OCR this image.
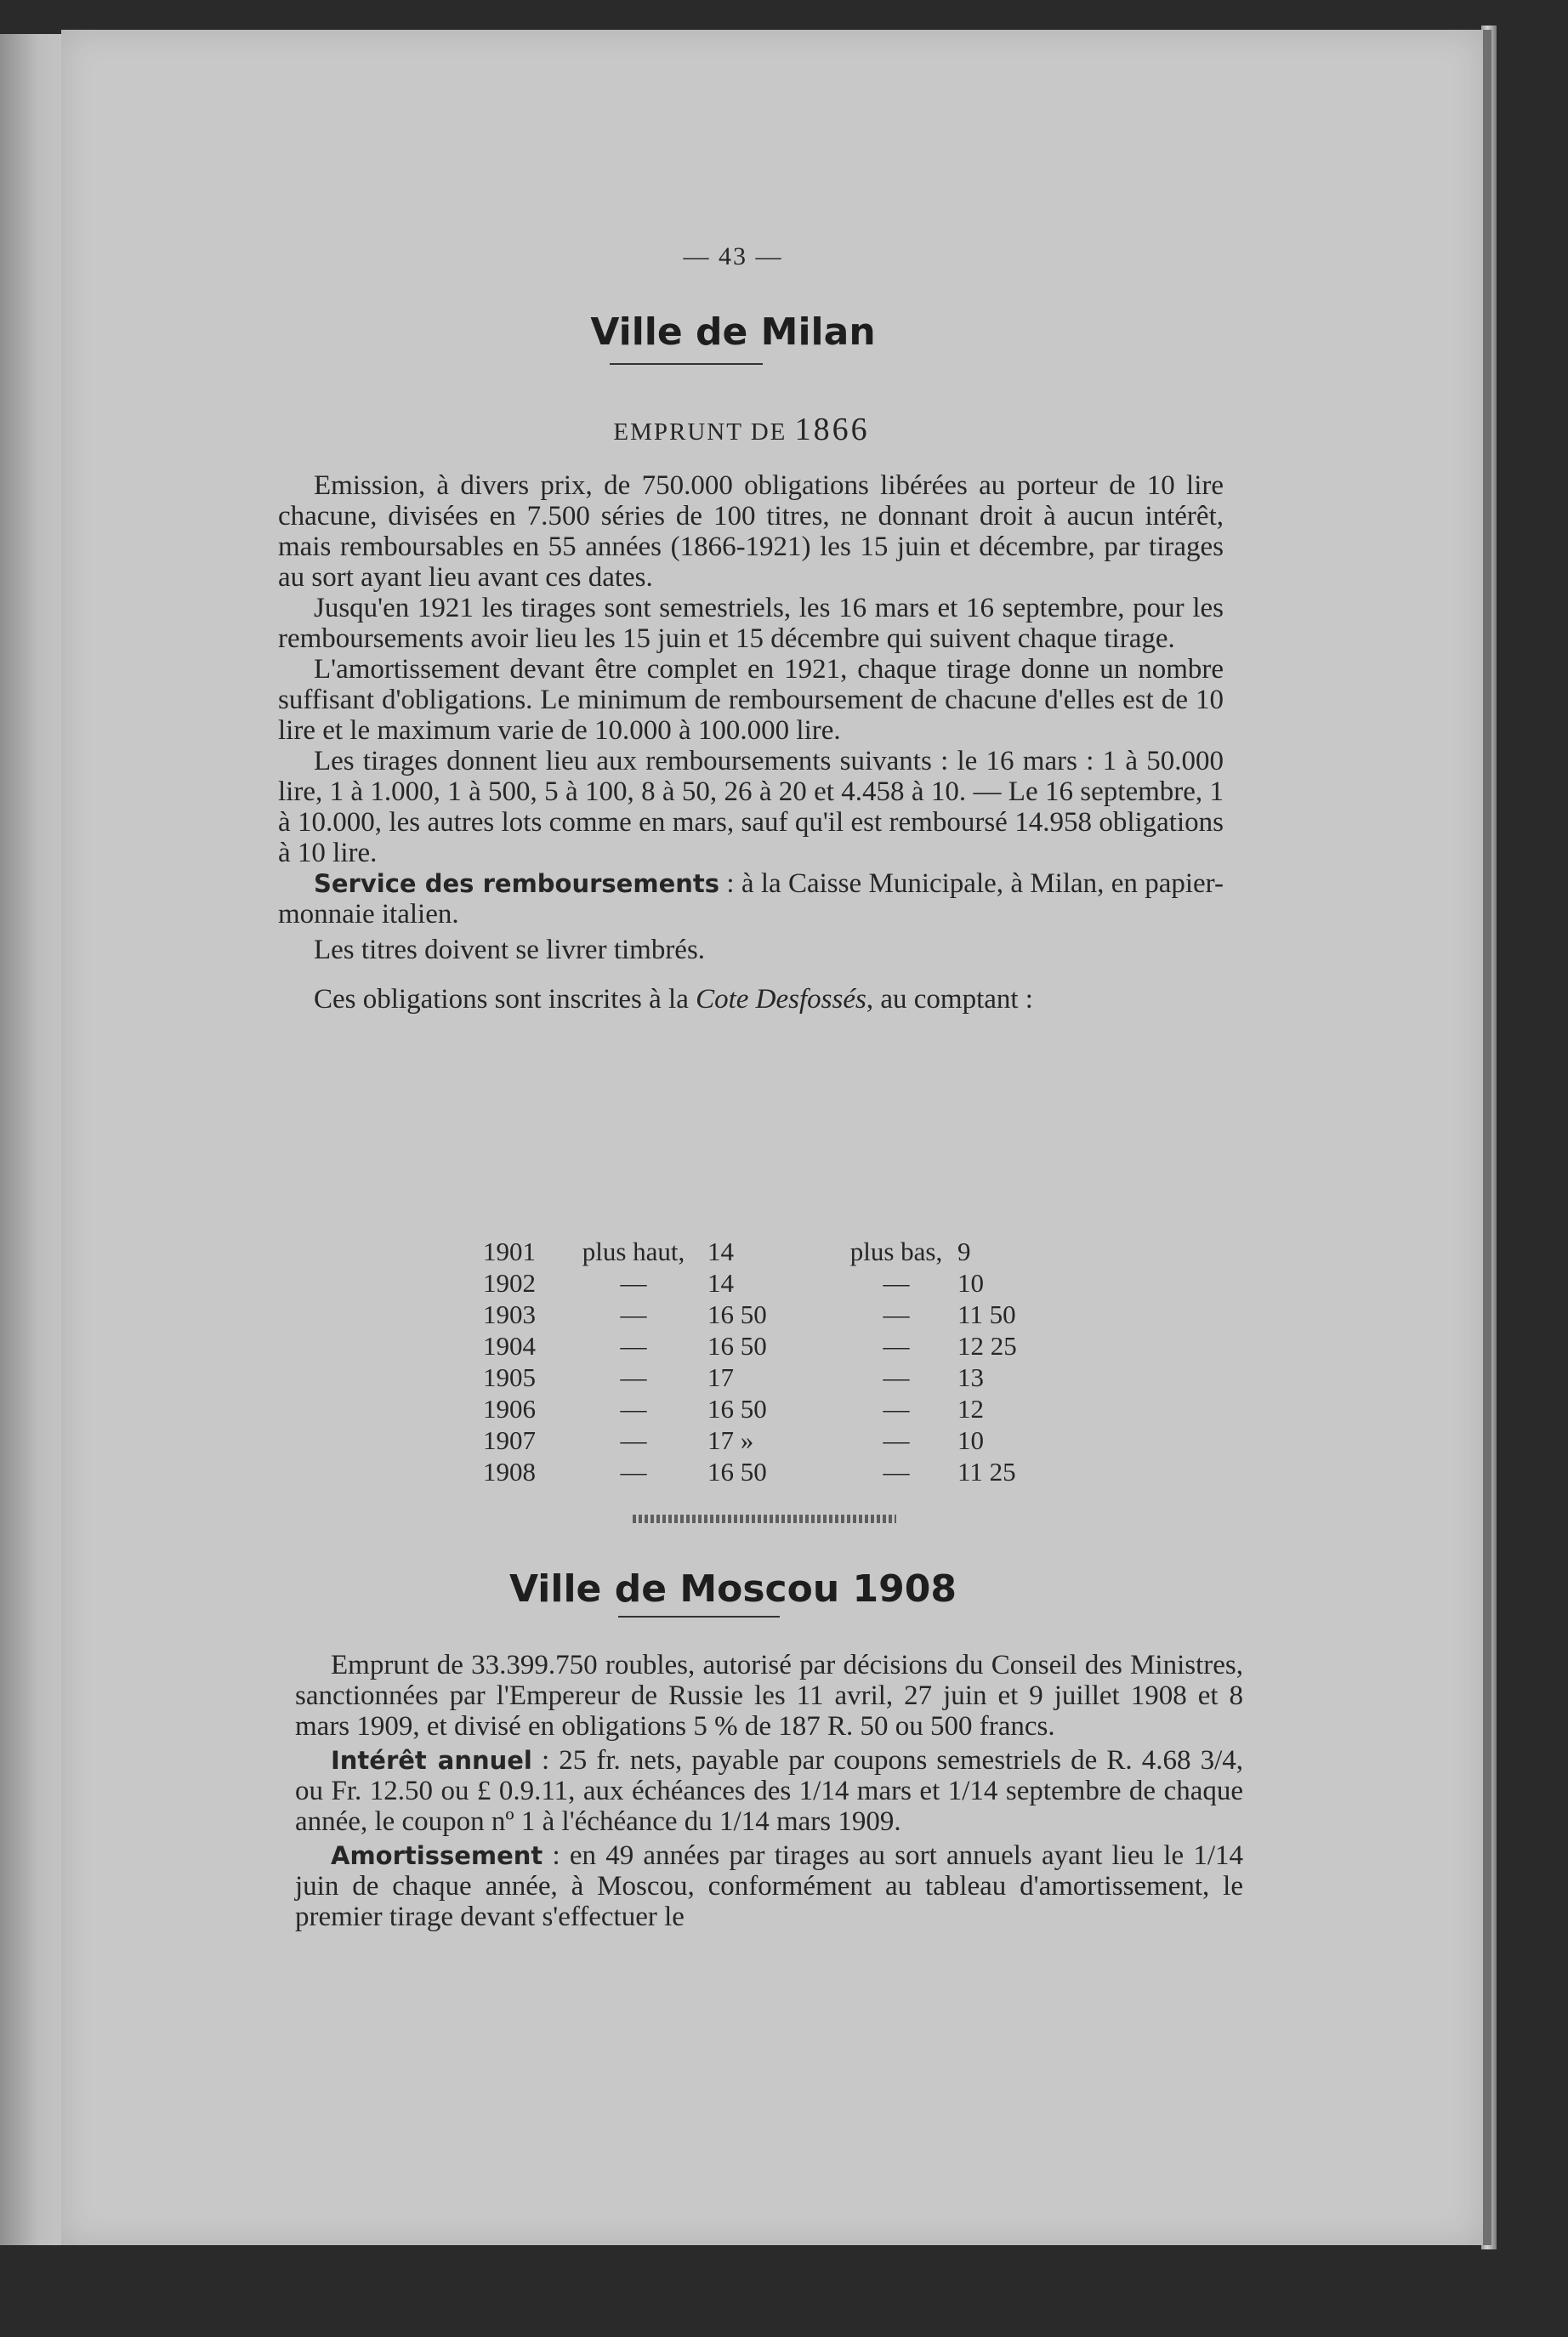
— 43 —
Ville de Milan
EMPRUNT DE 1866

Emission, à divers prix, de 750.000 obligations libérées au porteur de 10 lire chacune, divisées en 7.500 séries de 100 titres, ne donnant droit à aucun intérêt, mais remboursables en 55 années (1866-1921) les 15 juin et décembre, par tirages au sort ayant lieu avant ces dates.

Jusqu'en 1921 les tirages sont semestriels, les 16 mars et 16 septembre, pour les remboursements avoir lieu les 15 juin et 15 décembre qui suivent chaque tirage.

L'amortissement devant être complet en 1921, chaque tirage donne un nombre suffisant d'obligations. Le minimum de remboursement de chacune d'elles est de 10 lire et le maximum varie de 10.000 à 100.000 lire.

Les tirages donnent lieu aux remboursements suivants : le 16 mars : 1 à 50.000 lire, 1 à 1.000, 1 à 500, 5 à 100, 8 à 50, 26 à 20 et 4.458 à 10. — Le 16 septembre, 1 à 10.000, les autres lots comme en mars, sauf qu'il est remboursé 14.958 obligations à 10 lire.

Service des remboursements : à la Caisse Municipale, à Milan, en papier-monnaie italien.

Les titres doivent se livrer timbrés.

Ces obligations sont inscrites à la Cote Desfossés, au comptant :

1901	plus haut,	14	plus bas,	9
1902	—	14	—	10
1903	—	16 50	—	11 50
1904	—	16 50	—	12 25
1905	—	17	—	13
1906	—	16 50	—	12
1907	—	17 »	—	10
1908	—	16 50	—	11 25
Ville de Moscou 1908

Emprunt de 33.399.750 roubles, autorisé par décisions du Conseil des Ministres, sanctionnées par l'Empereur de Russie les 11 avril, 27 juin et 9 juillet 1908 et 8 mars 1909, et divisé en obligations 5 % de 187 R. 50 ou 500 francs.

Intérêt annuel : 25 fr. nets, payable par coupons semestriels de R. 4.68 3/4, ou Fr. 12.50 ou £ 0.9.11, aux échéances des 1/14 mars et 1/14 septembre de chaque année, le coupon nº 1 à l'échéance du 1/14 mars 1909.

Amortissement : en 49 années par tirages au sort annuels ayant lieu le 1/14 juin de chaque année, à Moscou, conformément au tableau d'amortissement, le premier tirage devant s'effectuer le
